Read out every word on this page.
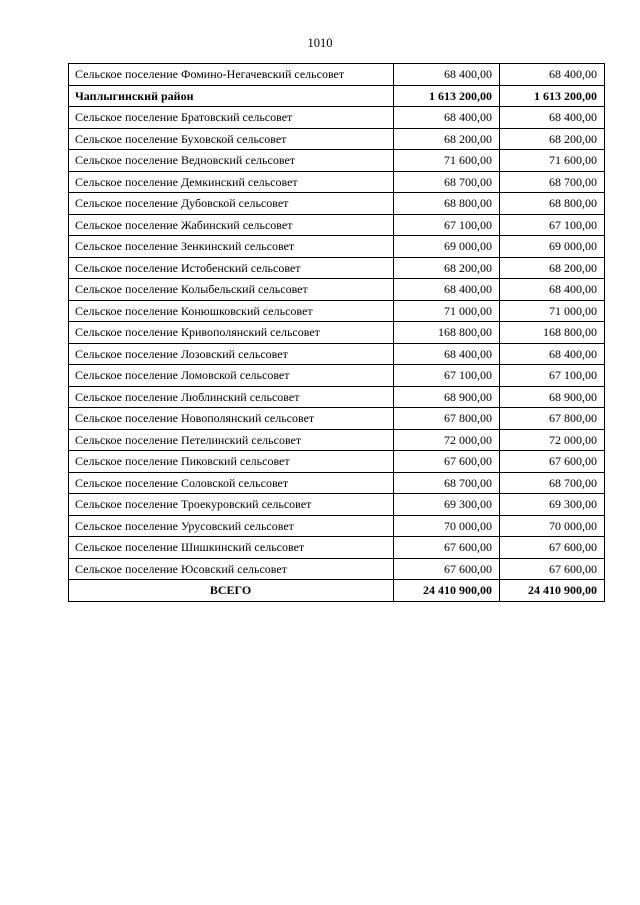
1010
Сельское поселение Фомино-Негачевский сельсовет	68 400,00	68 400,00
Чаплыгинский район	1 613 200,00	1 613 200,00
Сельское поселение Братовский сельсовет	68 400,00	68 400,00
Сельское поселение Буховской сельсовет	68 200,00	68 200,00
Сельское поселение Ведновский сельсовет	71 600,00	71 600,00
Сельское поселение Демкинский сельсовет	68 700,00	68 700,00
Сельское поселение Дубовской сельсовет	68 800,00	68 800,00
Сельское поселение Жабинский сельсовет	67 100,00	67 100,00
Сельское поселение Зенкинский сельсовет	69 000,00	69 000,00
Сельское поселение Истобенский сельсовет	68 200,00	68 200,00
Сельское поселение Колыбельский сельсовет	68 400,00	68 400,00
Сельское поселение Конюшковский сельсовет	71 000,00	71 000,00
Сельское поселение Кривополянский сельсовет	168 800,00	168 800,00
Сельское поселение Лозовский сельсовет	68 400,00	68 400,00
Сельское поселение Ломовской сельсовет	67 100,00	67 100,00
Сельское поселение Люблинский сельсовет	68 900,00	68 900,00
Сельское поселение Новополянский сельсовет	67 800,00	67 800,00
Сельское поселение Петелинский сельсовет	72 000,00	72 000,00
Сельское поселение Пиковский сельсовет	67 600,00	67 600,00
Сельское поселение Соловской сельсовет	68 700,00	68 700,00
Сельское поселение Троекуровский сельсовет	69 300,00	69 300,00
Сельское поселение Урусовский сельсовет	70 000,00	70 000,00
Сельское поселение Шишкинский сельсовет	67 600,00	67 600,00
Сельское поселение Юсовский сельсовет	67 600,00	67 600,00
ВСЕГО	24 410 900,00	24 410 900,00
